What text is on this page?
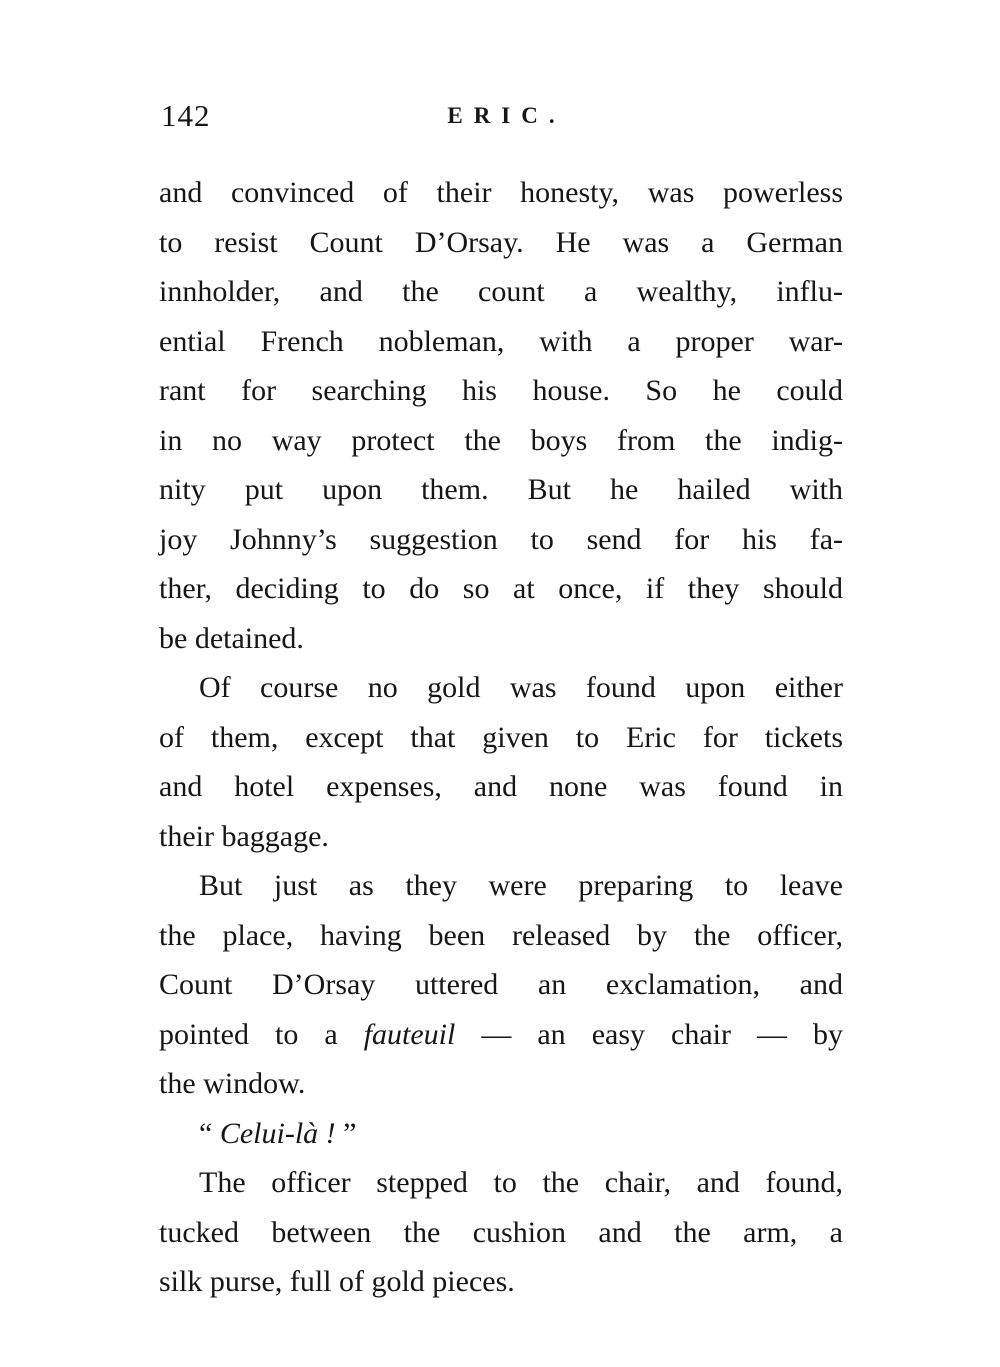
142	ERIC.
and convinced of their honesty, was powerless
to resist Count D’Orsay. He was a German
innholder, and the count a wealthy, influ-
ential French nobleman, with a proper war-
rant for searching his house. So he could
in no way protect the boys from the indig-
nity put upon them. But he hailed with
joy Johnny’s suggestion to send for his fa-
ther, deciding to do so at once, if they should
be detained.
Of course no gold was found upon either
of them, except that given to Eric for tickets
and hotel expenses, and none was found in
their baggage.
But just as they were preparing to leave
the place, having been released by the officer,
Count D’Orsay uttered an exclamation, and
pointed to a fauteuil — an easy chair — by
the window.
“ Celui-là ! ”
The officer stepped to the chair, and found,
tucked between the cushion and the arm, a
silk purse, full of gold pieces.
